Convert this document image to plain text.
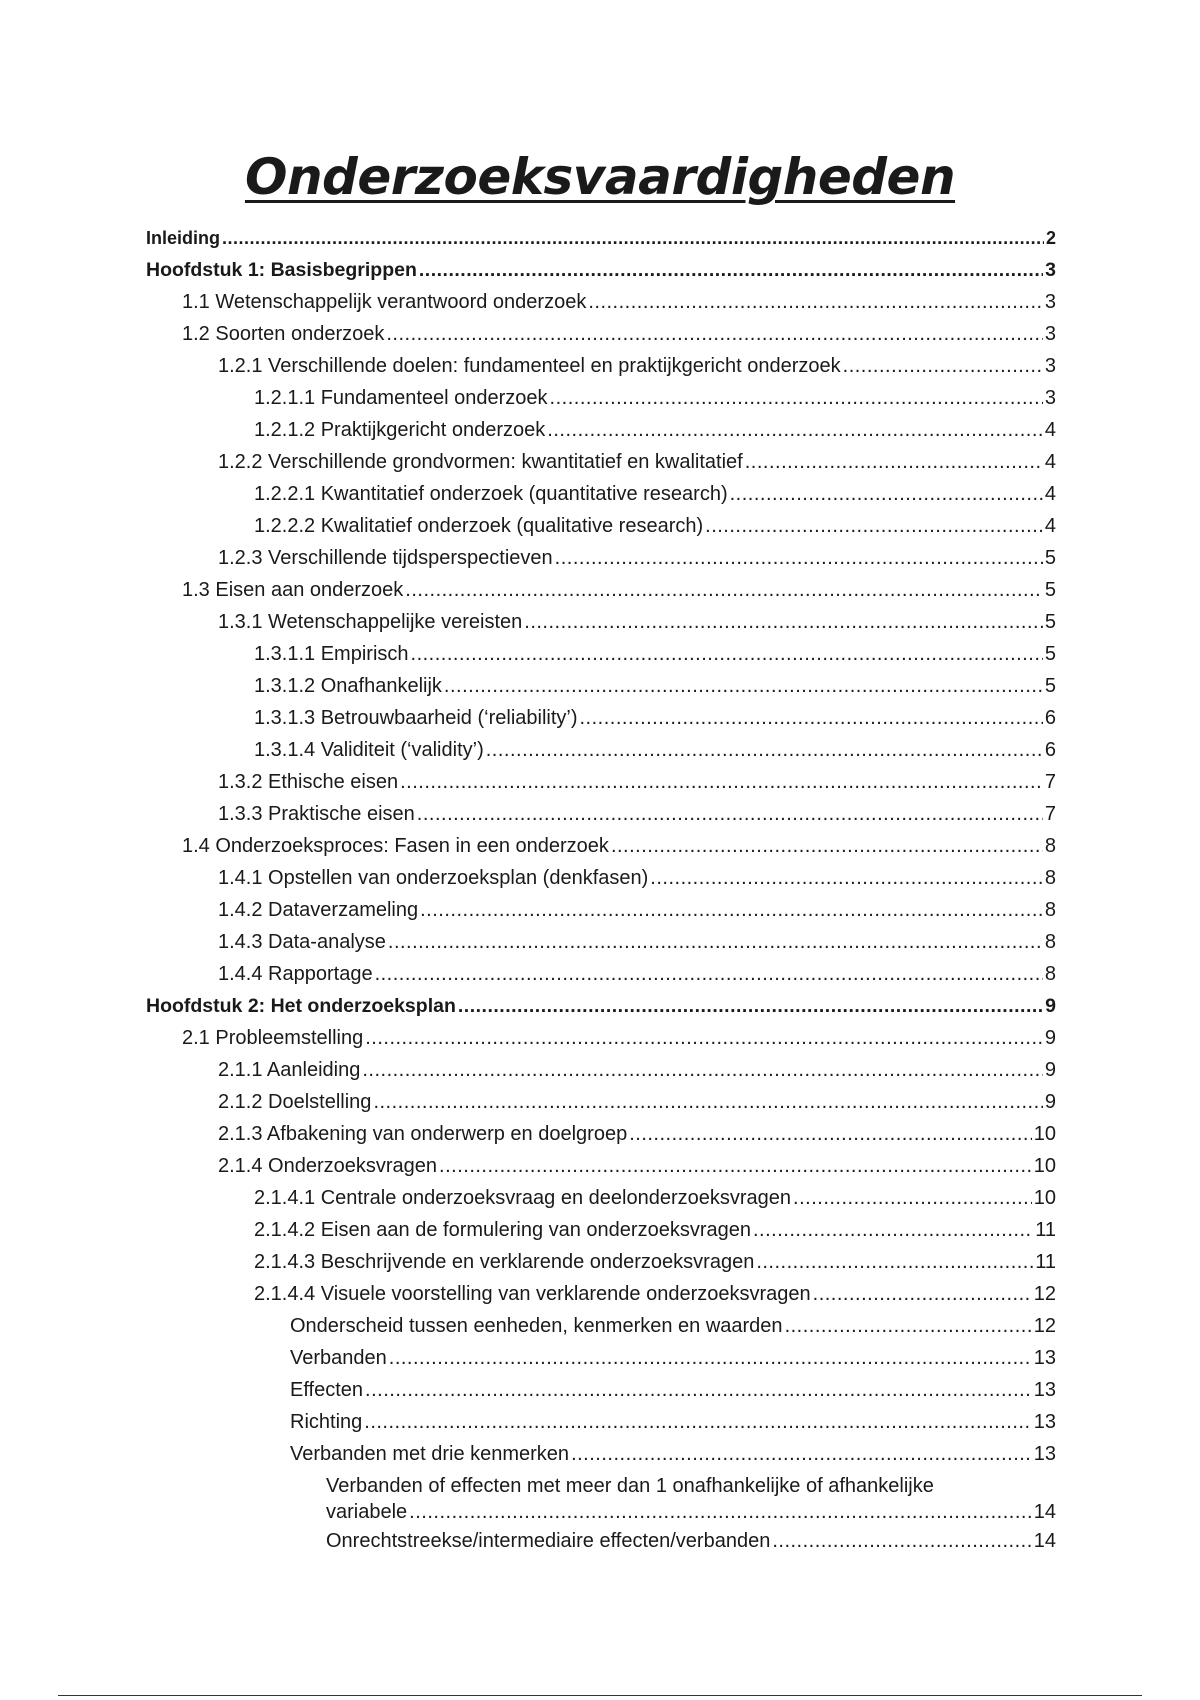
Onderzoeksvaardigheden
Inleiding .....	2
Hoofdstuk 1: Basisbegrippen .....	3
1.1 Wetenschappelijk verantwoord onderzoek .....	3
1.2 Soorten onderzoek .....	3
1.2.1 Verschillende doelen: fundamenteel en praktijkgericht onderzoek .....	3
1.2.1.1 Fundamenteel onderzoek .....	3
1.2.1.2 Praktijkgericht onderzoek .....	4
1.2.2 Verschillende grondvormen: kwantitatief en kwalitatief .....	4
1.2.2.1 Kwantitatief onderzoek (quantitative research) .....	4
1.2.2.2 Kwalitatief onderzoek (qualitative research) .....	4
1.2.3 Verschillende tijdsperspectieven .....	5
1.3 Eisen aan onderzoek .....	5
1.3.1 Wetenschappelijke vereisten .....	5
1.3.1.1 Empirisch .....	5
1.3.1.2 Onafhankelijk .....	5
1.3.1.3 Betrouwbaarheid (‘reliability’) .....	6
1.3.1.4 Validiteit (‘validity’) .....	6
1.3.2 Ethische eisen .....	7
1.3.3 Praktische eisen .....	7
1.4 Onderzoeksproces: Fasen in een onderzoek .....	8
1.4.1 Opstellen van onderzoeksplan (denkfasen) .....	8
1.4.2 Dataverzameling .....	8
1.4.3 Data-analyse .....	8
1.4.4 Rapportage .....	8
Hoofdstuk 2: Het onderzoeksplan .....	9
2.1 Probleemstelling .....	9
2.1.1 Aanleiding .....	9
2.1.2 Doelstelling .....	9
2.1.3 Afbakening van onderwerp en doelgroep .....	10
2.1.4 Onderzoeksvragen .....	10
2.1.4.1 Centrale onderzoeksvraag en deelonderzoeksvragen .....	10
2.1.4.2 Eisen aan de formulering van onderzoeksvragen .....	11
2.1.4.3 Beschrijvende en verklarende onderzoeksvragen .....	11
2.1.4.4 Visuele voorstelling van verklarende onderzoeksvragen .....	12
Onderscheid tussen eenheden, kenmerken en waarden .....	12
Verbanden .....	13
Effecten .....	13
Richting .....	13
Verbanden met drie kenmerken .....	13
Verbanden of effecten met meer dan 1 onafhankelijke of afhankelijke
variabele .....	14
Onrechtstreekse/intermediaire effecten/verbanden .....	14
